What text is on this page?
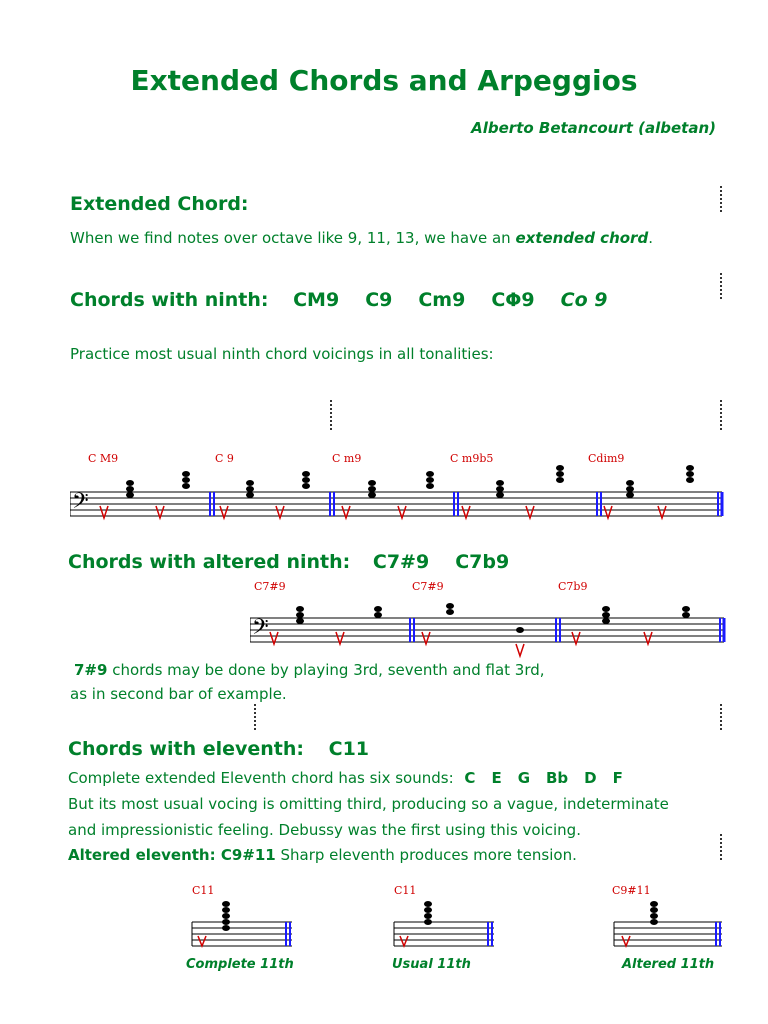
Extended Chords and Arpeggios
Alberto Betancourt (albetan)
Extended Chord:
When we find notes over octave like 9, 11, 13, we have an extended chord.
Chords with ninth: CM9 C9 Cm9 CΦ9 Co 9
Practice most usual ninth chord voicings in all tonalities:
𝄢
C M9	C 9	C m9	C m9b5	Cdim9
Chords with altered ninth: C7#9 C7b9
𝄢
C7#9	C7#9	C7b9
7#9 chords may be done by playing 3rd, seventh and flat 3rd,
as in second bar of example.
Chords with eleventh: C11
Complete extended Eleventh chord has six sounds: C E G Bb D F
But its most usual vocing is omitting third, producing so a vague, indeterminate
and impressionistic feeling. Debussy was the first using this voicing.
Altered eleventh: C9#11 Sharp eleventh produces more tension.
C11	C11	C9#11
Complete 11th	Usual 11th	Altered 11th
